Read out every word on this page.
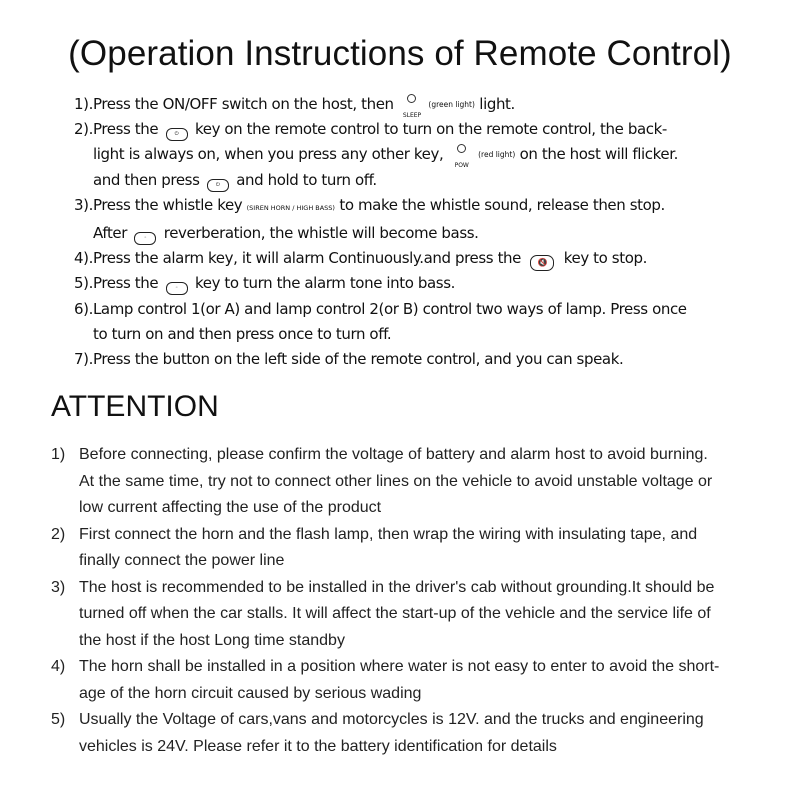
(Operation Instructions of Remote Control)
1).Press the ON/OFF switch on the host, then
SLEEP
(green light) light.
2).Press the	⏻ key on the remote control to turn on the remote control, the back-
light is always on, when you press any other key,
POW
(red light) on the host will flicker.
and then press	⏻ and hold to turn off.
3).Press the whistle key (SIREN HORN / HIGH BASS) to make the whistle sound, release then stop.
After	◦ reverberation, the whistle will become bass.
4).Press the alarm key, it will alarm Continuously.and press the 🔇 key to stop.
5).Press the	◦ key to turn the alarm tone into bass.
6).Lamp control 1(or A) and lamp control 2(or B) control two ways of lamp. Press once
to turn on and then press once to turn off.
7).Press the button on the left side of the remote control, and you can speak.
ATTENTION
1) Before connecting, please confirm the voltage of battery and alarm host to avoid burning.
At the same time, try not to connect other lines on the vehicle to avoid unstable voltage or
low current affecting the use of the product
2) First connect the horn and the flash lamp, then wrap the wiring with insulating tape, and
finally connect the power line
3) The host is recommended to be installed in the driver's cab without grounding.It should be
turned off when the car stalls. It will affect the start-up of the vehicle and the service life of
the host if the host Long time standby
4) The horn shall be installed in a position where water is not easy to enter to avoid the short-
age of the horn circuit caused by serious wading
5) Usually the Voltage of cars,vans and motorcycles is 12V. and the trucks and engineering
vehicles is 24V. Please refer it to the battery identification for details
